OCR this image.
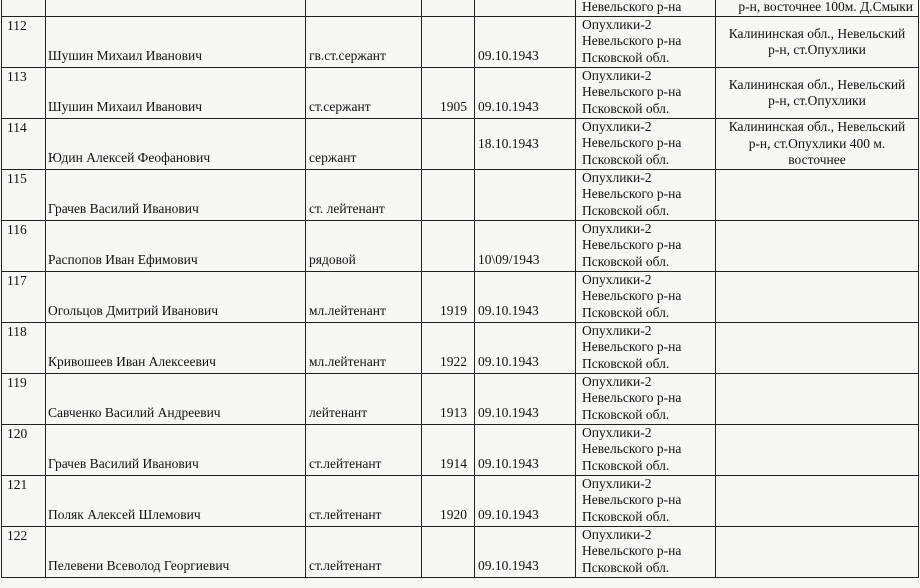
					Невельского р-на	р-н, восточнее 100м. Д.Смыки
112	Шушин Михаил Иванович	гв.ст.сержант		09.10.1943	Опухлики-2
Невельского р-на
Псковской обл.	Калининская обл., Невельский р-н, ст.Опухлики
113	Шушин Михаил Иванович	ст.сержант	1905	09.10.1943	Опухлики-2
Невельского р-на
Псковской обл.	Калининская обл., Невельский р-н, ст.Опухлики
114	Юдин Алексей Феофанович	сержант		18.10.1943	Опухлики-2
Невельского р-на
Псковской обл.	Калининская обл., Невельский р-н, ст.Опухлики 400 м. восточнее
115	Грачев Василий Иванович	ст. лейтенант			Опухлики-2
Невельского р-на
Псковской обл.	

116	Распопов Иван Ефимович	рядовой		10\09/1943	Опухлики-2
Невельского р-на
Псковской обл.	

117	Огольцов Дмитрий Иванович	мл.лейтенант	1919	09.10.1943	Опухлики-2
Невельского р-на
Псковской обл.	

118	Кривошеев Иван Алексеевич	мл.лейтенант	1922	09.10.1943	Опухлики-2
Невельского р-на
Псковской обл.	

119	Савченко Василий Андреевич	лейтенант	1913	09.10.1943	Опухлики-2
Невельского р-на
Псковской обл.	

120	Грачев Василий Иванович	ст.лейтенант	1914	09.10.1943	Опухлики-2
Невельского р-на
Псковской обл.	

121	Поляк Алексей Шлемович	ст.лейтенант	1920	09.10.1943	Опухлики-2
Невельского р-на
Псковской обл.	

122	Пелевени Всеволод Георгиевич	ст.лейтенант		09.10.1943	Опухлики-2
Невельского р-на
Псковской обл.	
